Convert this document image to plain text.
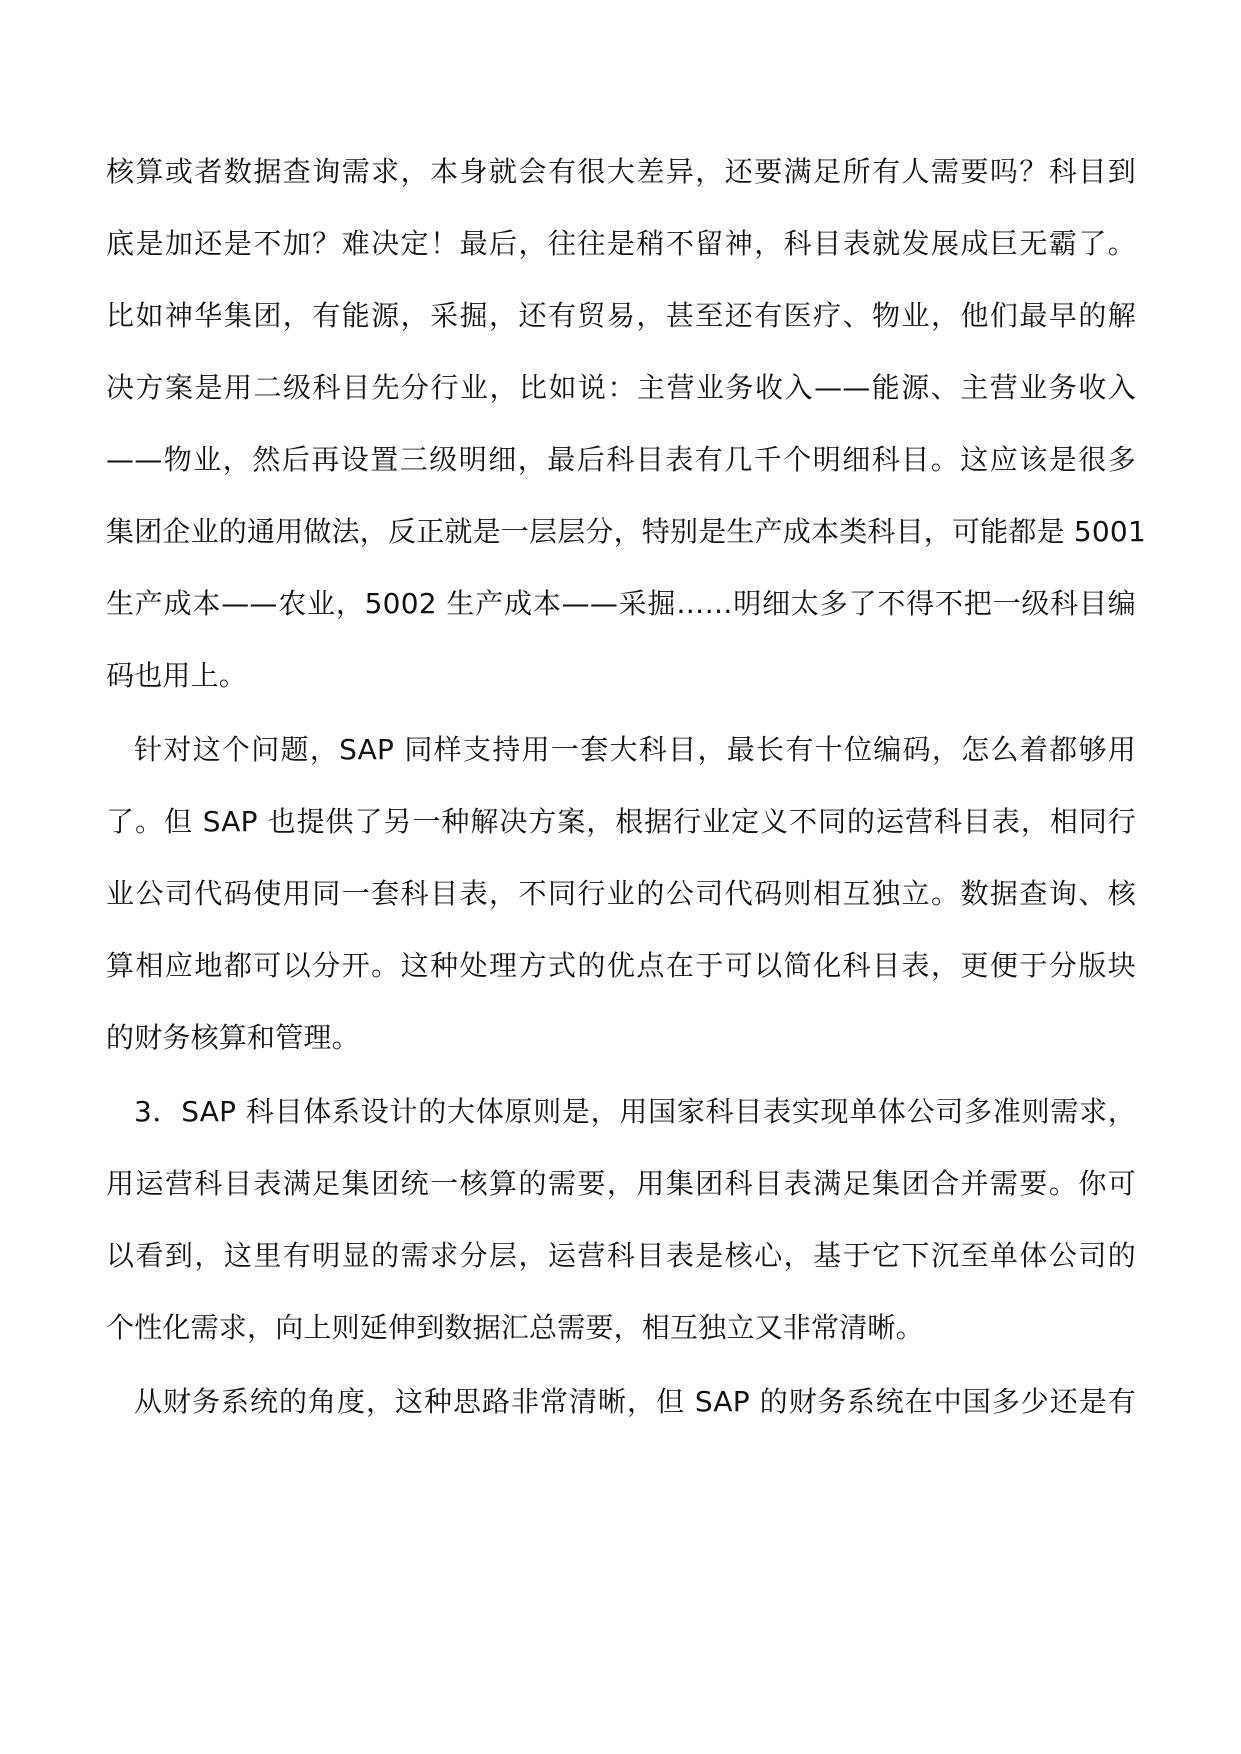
核算或者数据查询需求，本身就会有很大差异，还要满足所有人需要吗？科目到
底是加还是不加？难决定！最后，往往是稍不留神，科目表就发展成巨无霸了。
比如神华集团，有能源，采掘，还有贸易，甚至还有医疗、物业，他们最早的解
决方案是用二级科目先分行业，比如说：主营业务收入——能源、主营业务收入
——物业，然后再设置三级明细，最后科目表有几千个明细科目。这应该是很多
集团企业的通用做法，反正就是一层层分，特别是生产成本类科目，可能都是 5001
生产成本——农业，5002 生产成本——采掘……明细太多了不得不把一级科目编
码也用上。
针对这个问题，SAP 同样支持用一套大科目，最长有十位编码，怎么着都够用
了。但 SAP 也提供了另一种解决方案，根据行业定义不同的运营科目表，相同行
业公司代码使用同一套科目表，不同行业的公司代码则相互独立。数据查询、核
算相应地都可以分开。这种处理方式的优点在于可以简化科目表，更便于分版块
的财务核算和管理。
3．SAP 科目体系设计的大体原则是，用国家科目表实现单体公司多准则需求，
用运营科目表满足集团统一核算的需要，用集团科目表满足集团合并需要。你可
以看到，这里有明显的需求分层，运营科目表是核心，基于它下沉至单体公司的
个性化需求，向上则延伸到数据汇总需要，相互独立又非常清晰。
从财务系统的角度，这种思路非常清晰，但 SAP 的财务系统在中国多少还是有
